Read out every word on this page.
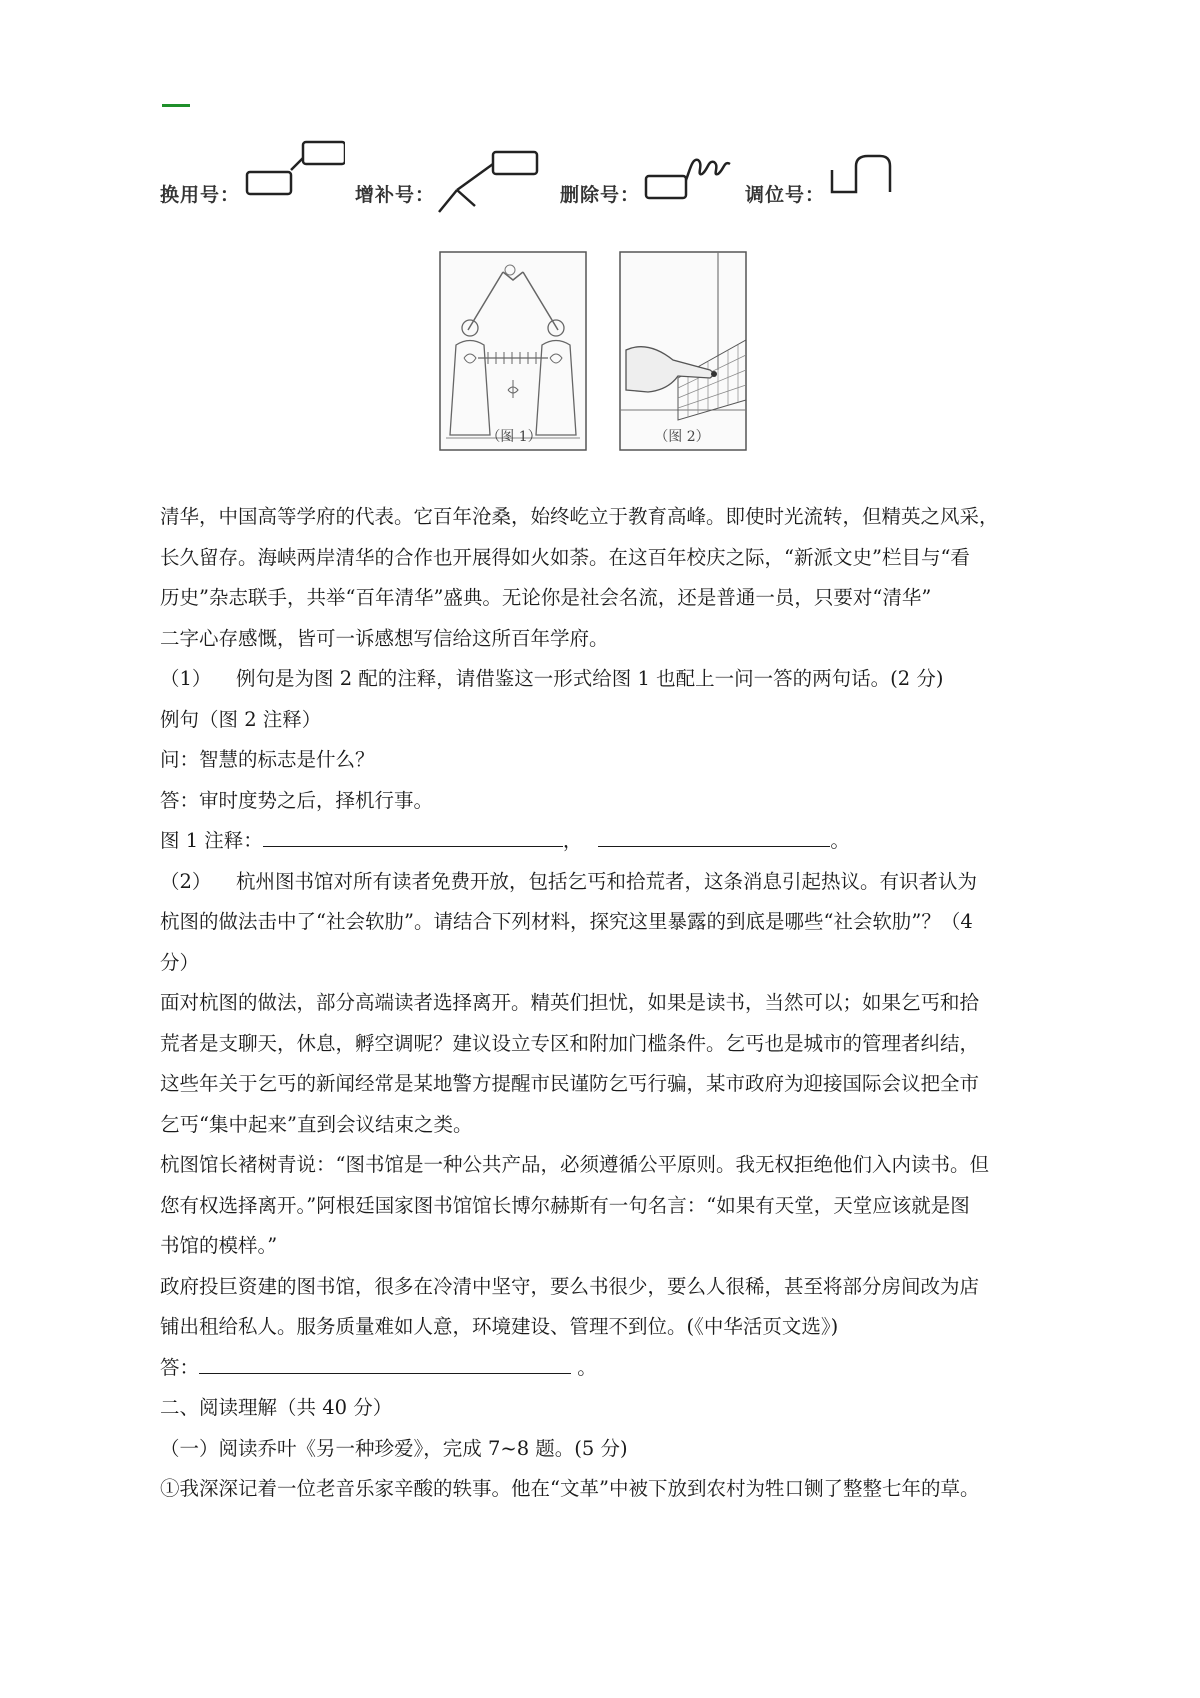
换用号：	增补号：	删除号：	调位号：
（图 1）	（图 2）

清华，中国高等学府的代表。它百年沧桑，始终屹立于教育高峰。即使时光流转，但精英之风采，

长久留存。海峡两岸清华的合作也开展得如火如荼。在这百年校庆之际，“新派文史”栏目与“看

历史”杂志联手，共举“百年清华”盛典。无论你是社会名流，还是普通一员，只要对“清华”

二字心存感慨，皆可一诉感想写信给这所百年学府。

（1） 例句是为图 2 配的注释，请借鉴这一形式给图 1 也配上一问一答的两句话。(2 分)

例句（图 2 注释）

问：智慧的标志是什么？

答：审时度势之后，择机行事。

图 1 注释：	，	。

（2） 杭州图书馆对所有读者免费开放，包括乞丐和拾荒者，这条消息引起热议。有识者认为

杭图的做法击中了“社会软肋”。请结合下列材料，探究这里暴露的到底是哪些“社会软肋”？（4

分）

面对杭图的做法，部分高端读者选择离开。精英们担忧，如果是读书，当然可以；如果乞丐和拾

荒者是支聊天，休息，孵空调呢？建议设立专区和附加门槛条件。乞丐也是城市的管理者纠结，

这些年关于乞丐的新闻经常是某地警方提醒市民谨防乞丐行骗，某市政府为迎接国际会议把全市

乞丐“集中起来”直到会议结束之类。

杭图馆长褚树青说：“图书馆是一种公共产品，必须遵循公平原则。我无权拒绝他们入内读书。但

您有权选择离开。”阿根廷国家图书馆馆长博尔赫斯有一句名言：“如果有天堂，天堂应该就是图

书馆的模样。”

政府投巨资建的图书馆，很多在冷清中坚守，要么书很少，要么人很稀，甚至将部分房间改为店

铺出租给私人。服务质量难如人意，环境建设、管理不到位。(《中华活页文选》)

答：	。

二、阅读理解（共 40 分）

（一）阅读乔叶《另一种珍爱》，完成 7~8 题。(5 分)

①我深深记着一位老音乐家辛酸的轶事。他在“文革”中被下放到农村为牲口铡了整整七年的草。
